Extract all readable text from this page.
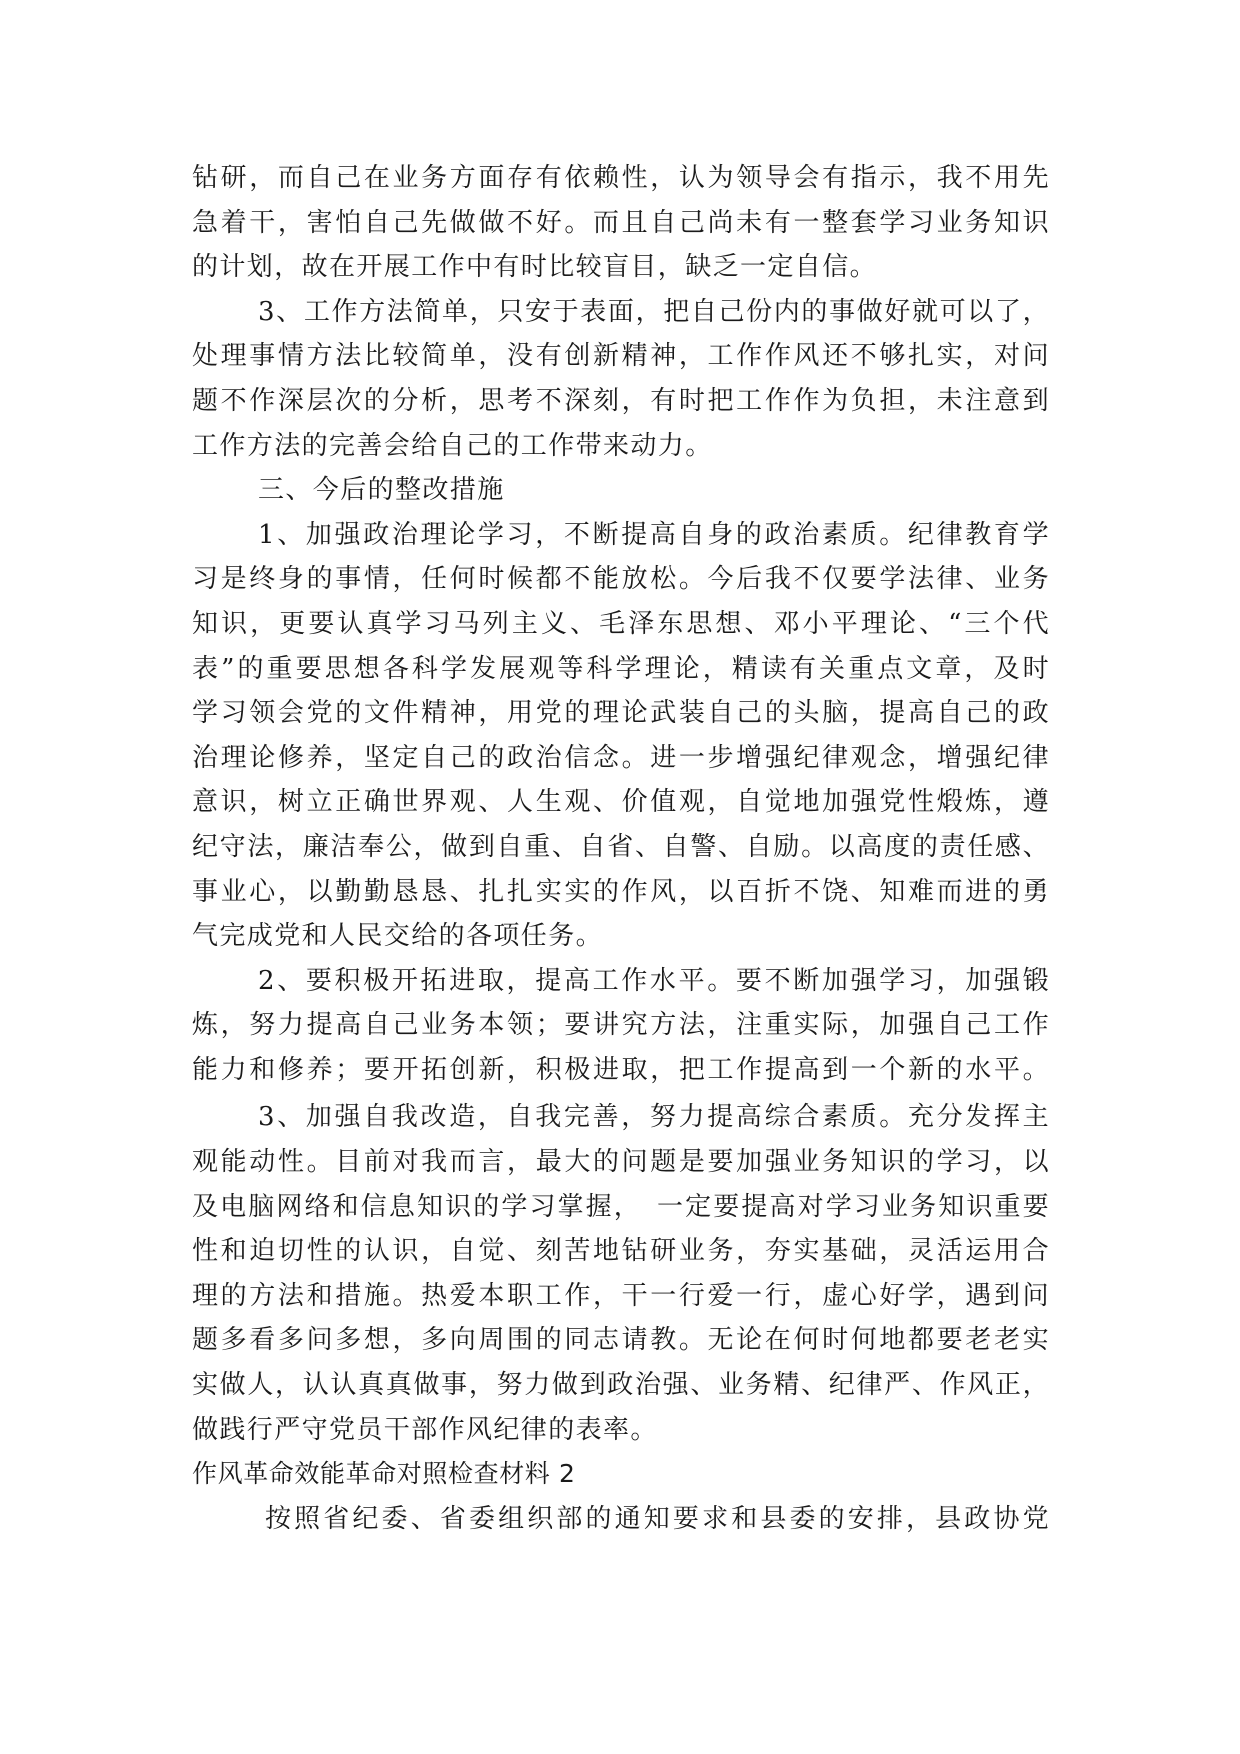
钻研，而自己在业务方面存有依赖性，认为领导会有指示，我不用先
急着干，害怕自己先做做不好。而且自己尚未有一整套学习业务知识
的计划，故在开展工作中有时比较盲目，缺乏一定自信。
3、工作方法简单，只安于表面，把自己份内的事做好就可以了，
处理事情方法比较简单，没有创新精神，工作作风还不够扎实，对问
题不作深层次的分析，思考不深刻，有时把工作作为负担，未注意到
工作方法的完善会给自己的工作带来动力。
三、今后的整改措施
1、加强政治理论学习，不断提高自身的政治素质。纪律教育学
习是终身的事情，任何时候都不能放松。今后我不仅要学法律、业务
知识，更要认真学习马列主义、毛泽东思想、邓小平理论、“三个代
表”的重要思想各科学发展观等科学理论，精读有关重点文章，及时
学习领会党的文件精神，用党的理论武装自己的头脑，提高自己的政
治理论修养，坚定自己的政治信念。进一步增强纪律观念，增强纪律
意识，树立正确世界观、人生观、价值观，自觉地加强党性煅炼，遵
纪守法，廉洁奉公，做到自重、自省、自警、自励。以高度的责任感、
事业心，以勤勤恳恳、扎扎实实的作风，以百折不饶、知难而进的勇
气完成党和人民交给的各项任务。
2、要积极开拓进取，提高工作水平。要不断加强学习，加强锻
炼，努力提高自己业务本领；要讲究方法，注重实际，加强自己工作
能力和修养；要开拓创新，积极进取，把工作提高到一个新的水平。
3、加强自我改造，自我完善，努力提高综合素质。充分发挥主
观能动性。目前对我而言，最大的问题是要加强业务知识的学习，以
及电脑网络和信息知识的学习掌握，　一定要提高对学习业务知识重要
性和迫切性的认识，自觉、刻苦地钻研业务，夯实基础，灵活运用合
理的方法和措施。热爱本职工作，干一行爱一行，虚心好学，遇到问
题多看多问多想，多向周围的同志请教。无论在何时何地都要老老实
实做人，认认真真做事，努力做到政治强、业务精、纪律严、作风正，
做践行严守党员干部作风纪律的表率。
作风革命效能革命对照检查材料 2
按照省纪委、省委组织部的通知要求和县委的安排，县政协党
